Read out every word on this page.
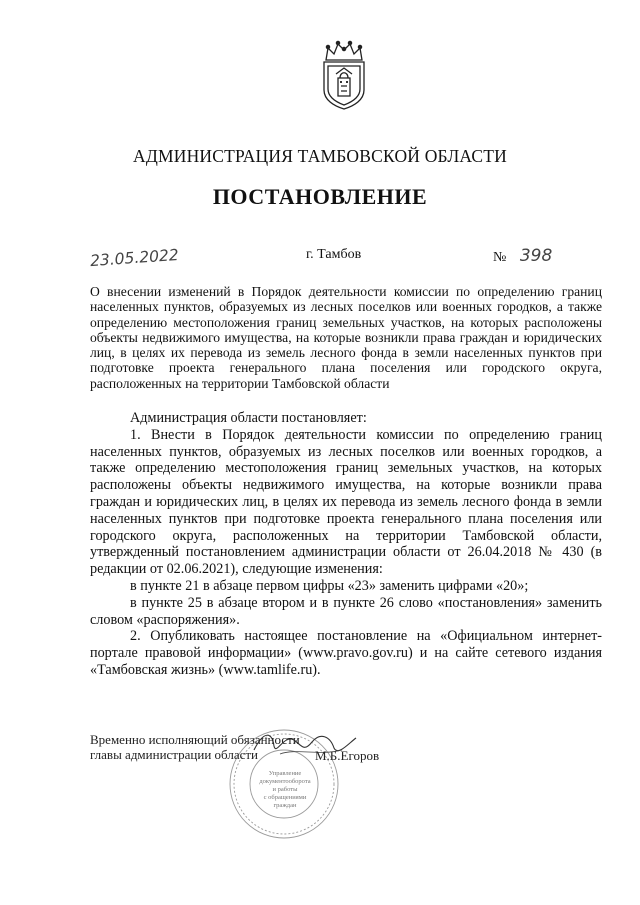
АДМИНИСТРАЦИЯ ТАМБОВСКОЙ ОБЛАСТИ
ПОСТАНОВЛЕНИЕ
23.05.2022	г. Тамбов	№ 398
О внесении изменений в Порядок деятельности комиссии по определению границ населенных пунктов, образуемых из лесных поселков или военных городков, а также определению местоположения границ земельных участков, на которых расположены объекты недвижимого имущества, на которые возникли права граждан и юридических лиц, в целях их перевода из земель лесного фонда в земли населенных пунктов при подготовке проекта генерального плана поселения или городского округа, расположенных на территории Тамбовской области

Администрация области постановляет:

1. Внести в Порядок деятельности комиссии по определению границ населенных пунктов, образуемых из лесных поселков или военных городков, а также определению местоположения границ земельных участков, на которых расположены объекты недвижимого имущества, на которые возникли права граждан и юридических лиц, в целях их перевода из земель лесного фонда в земли населенных пунктов при подготовке проекта генерального плана поселения или городского округа, расположенных на территории Тамбовской области, утвержденный постановлением администрации области от 26.04.2018 № 430 (в редакции от 02.06.2021), следующие изменения:

в пункте 21 в абзаце первом цифры «23» заменить цифрами «20»;

в пункте 25 в абзаце втором и в пункте 26 слово «постановления» заменить словом «распоряжения».

2. Опубликовать настоящее постановление на «Официальном интернет-портале правовой информации» (www.pravo.gov.ru) и на сайте сетевого издания «Тамбовская жизнь» (www.tamlife.ru).

Управление
документооборота
и работы
с обращениями
граждан
Временно исполняющий обязанности
главы администрации области	М.Б.Егоров
